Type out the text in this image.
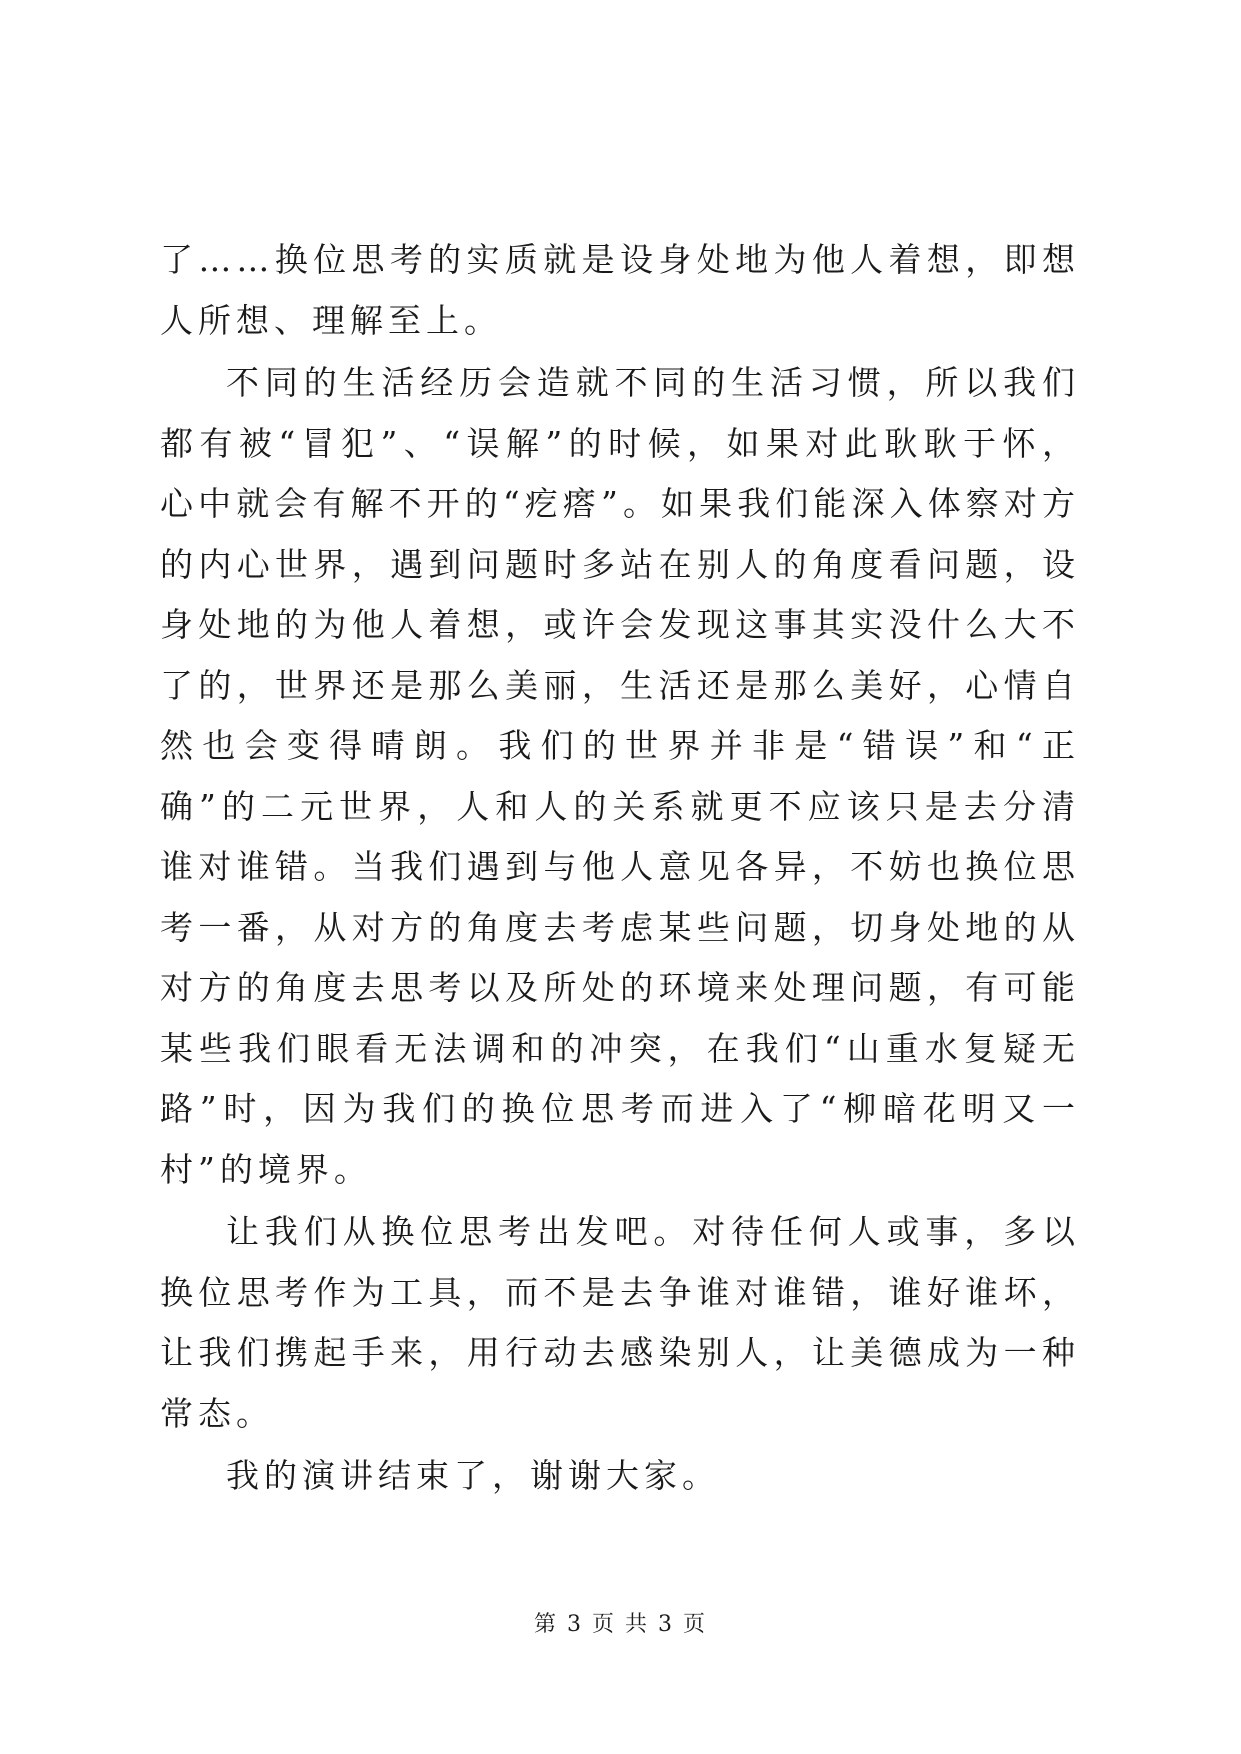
了……换位思考的实质就是设身处地为他人着想，即想人所想、理解至上。

不同的生活经历会造就不同的生活习惯，所以我们都有被“冒犯”、“误解”的时候，如果对此耿耿于怀，心中就会有解不开的“疙瘩”。如果我们能深入体察对方的内心世界，遇到问题时多站在别人的角度看问题，设身处地的为他人着想，或许会发现这事其实没什么大不了的，世界还是那么美丽，生活还是那么美好，心情自然也会变得晴朗。我们的世界并非是“错误”和“正确”的二元世界，人和人的关系就更不应该只是去分清谁对谁错。当我们遇到与他人意见各异，不妨也换位思考一番，从对方的角度去考虑某些问题，切身处地的从对方的角度去思考以及所处的环境来处理问题，有可能某些我们眼看无法调和的冲突，在我们“山重水复疑无路”时，因为我们的换位思考而进入了“柳暗花明又一村”的境界。

让我们从换位思考出发吧。对待任何人或事，多以换位思考作为工具，而不是去争谁对谁错，谁好谁坏，让我们携起手来，用行动去感染别人，让美德成为一种常态。

我的演讲结束了，谢谢大家。

第 3 页 共 3 页
